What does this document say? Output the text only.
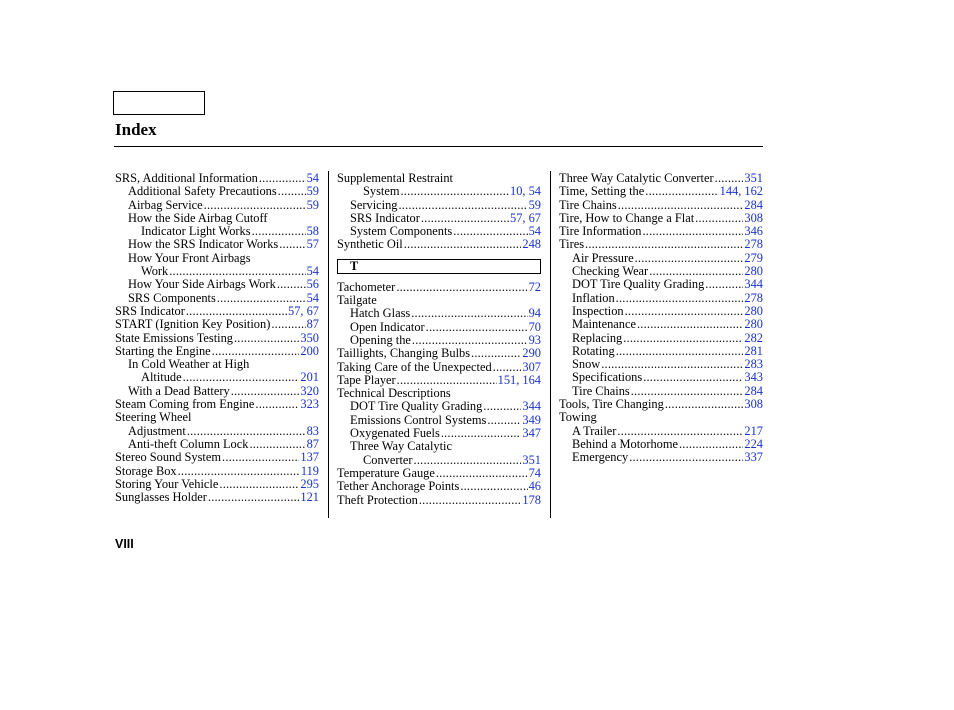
Index
SRS, Additional Information .....	54
Additional Safety Precautions ..... 59
Airbag Service .....	59
How the Side Airbag Cutoff
Indicator Light Works .....	58
How the SRS Indicator Works ..... 57
How Your Front Airbags
Work .....	54
How Your Side Airbags Work ..... 56
SRS Components .....	54
SRS Indicator .....	57, 67
START (Ignition Key Position) .....	87
State Emissions Testing .....	350
Starting the Engine .....	200
In Cold Weather at High
Altitude .....	201
With a Dead Battery .....	320
Steam Coming from Engine .....	323
Steering Wheel
Adjustment .....	83
Anti-theft Column Lock .....	87
Stereo Sound System .....	137
Storage Box .....	119
Storing Your Vehicle .....	295
Sunglasses Holder .....	121
Supplemental Restraint
System .....	10, 54
Servicing .....	59
SRS Indicator .....	57, 67
System Components .....	54
Synthetic Oil .....	248
T
Tachometer .....	72
Tailgate
Hatch Glass .....	94
Open Indicator .....	70
Opening the .....	93
Taillights, Changing Bulbs .....	290
Taking Care of the Unexpected ..... 307
Tape Player .....	151, 164
Technical Descriptions
DOT Tire Quality Grading .....	344
Emissions Control Systems .....	349
Oxygenated Fuels .....	347
Three Way Catalytic
Converter .....	351
Temperature Gauge .....	74
Tether Anchorage Points .....	46
Theft Protection .....	178
Three Way Catalytic Converter ..... 351
Time, Setting the .....	144, 162
Tire Chains .....	284
Tire, How to Change a Flat .....	308
Tire Information .....	346
Tires .....	278
Air Pressure .....	279
Checking Wear .....	280
DOT Tire Quality Grading .....	344
Inflation .....	278
Inspection .....	280
Maintenance .....	280
Replacing .....	282
Rotating .....	281
Snow .....	283
Specifications .....	343
Tire Chains .....	284
Tools, Tire Changing .....	308
Towing
A Trailer .....	217
Behind a Motorhome .....	224
Emergency .....	337
VIII
